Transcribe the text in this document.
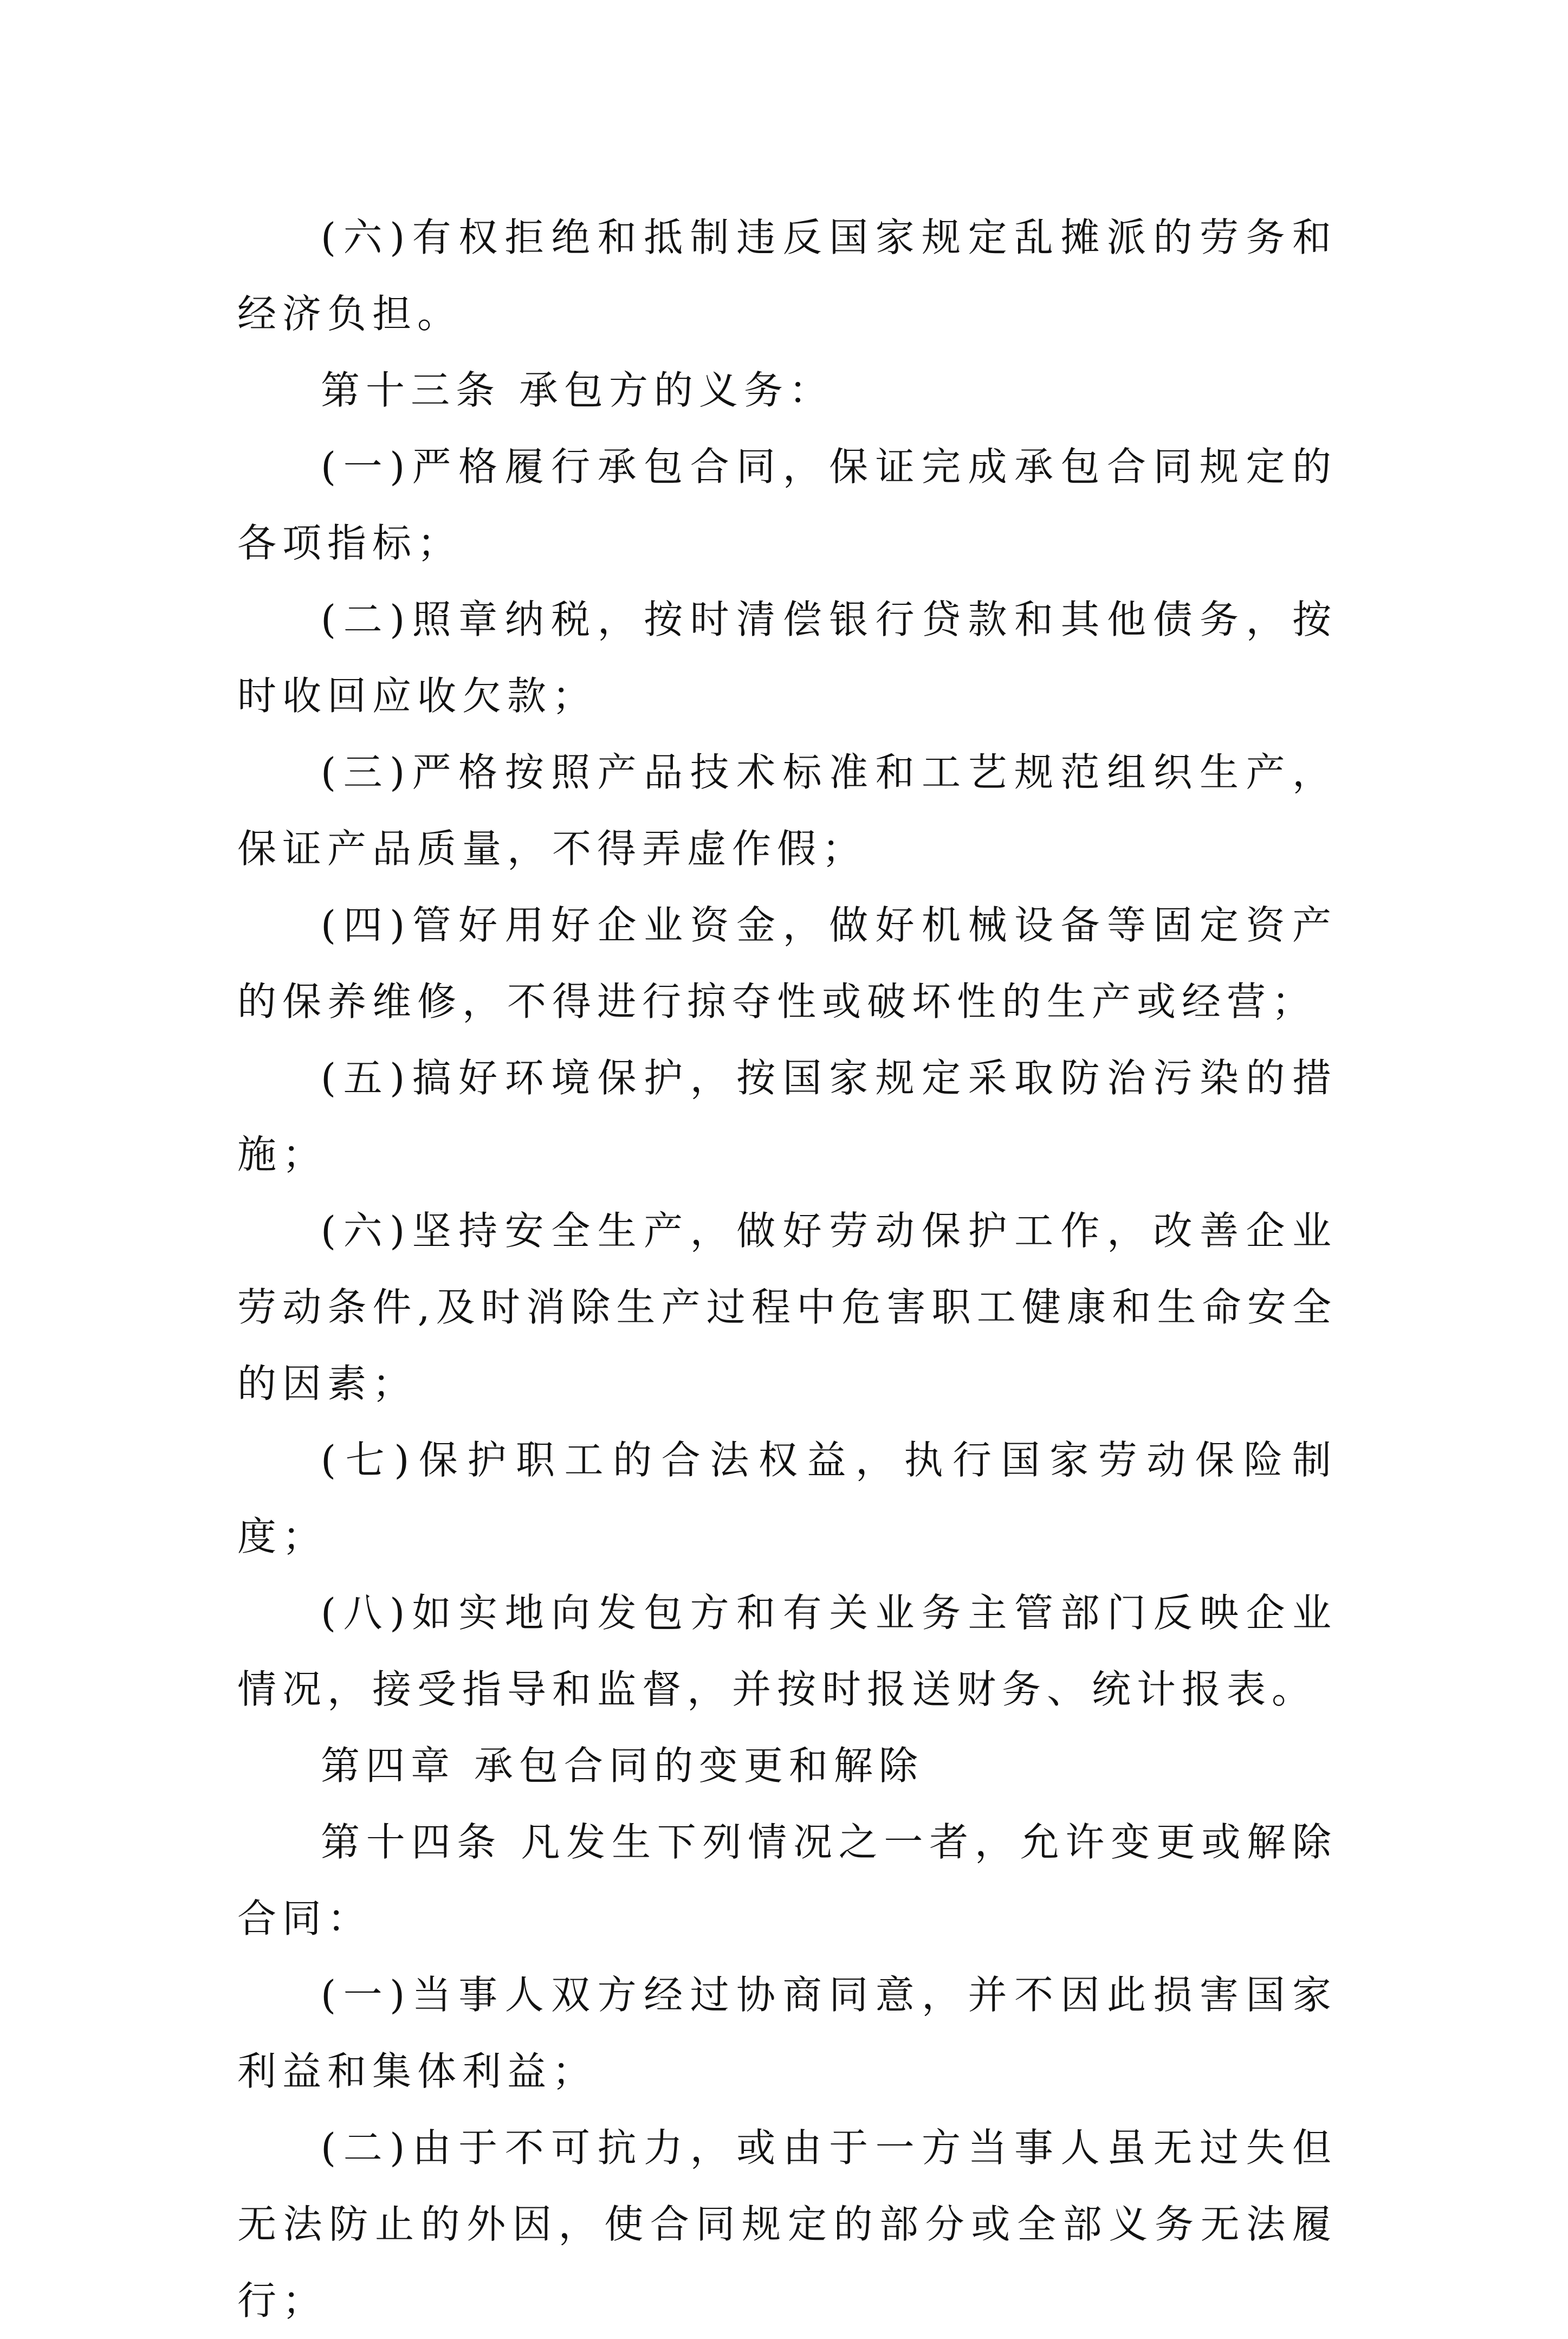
(六)有权拒绝和抵制违反国家规定乱摊派的劳务和经济负担。

第十三条 承包方的义务：

(一)严格履行承包合同，保证完成承包合同规定的各项指标；

(二)照章纳税，按时清偿银行贷款和其他债务，按时收回应收欠款；

(三)严格按照产品技术标准和工艺规范组织生产，保证产品质量，不得弄虚作假；

(四)管好用好企业资金，做好机械设备等固定资产的保养维修，不得进行掠夺性或破坏性的生产或经营；

(五)搞好环境保护，按国家规定采取防治污染的措施；

(六)坚持安全生产，做好劳动保护工作，改善企业劳动条件,及时消除生产过程中危害职工健康和生命安全的因素；

(七)保护职工的合法权益，执行国家劳动保险制度；

(八)如实地向发包方和有关业务主管部门反映企业情况，接受指导和监督，并按时报送财务、统计报表。

第四章 承包合同的变更和解除

第十四条 凡发生下列情况之一者，允许变更或解除合同：

(一)当事人双方经过协商同意，并不因此损害国家利益和集体利益；

(二)由于不可抗力，或由于一方当事人虽无过失但无法防止的外因，使合同规定的部分或全部义务无法履行；
